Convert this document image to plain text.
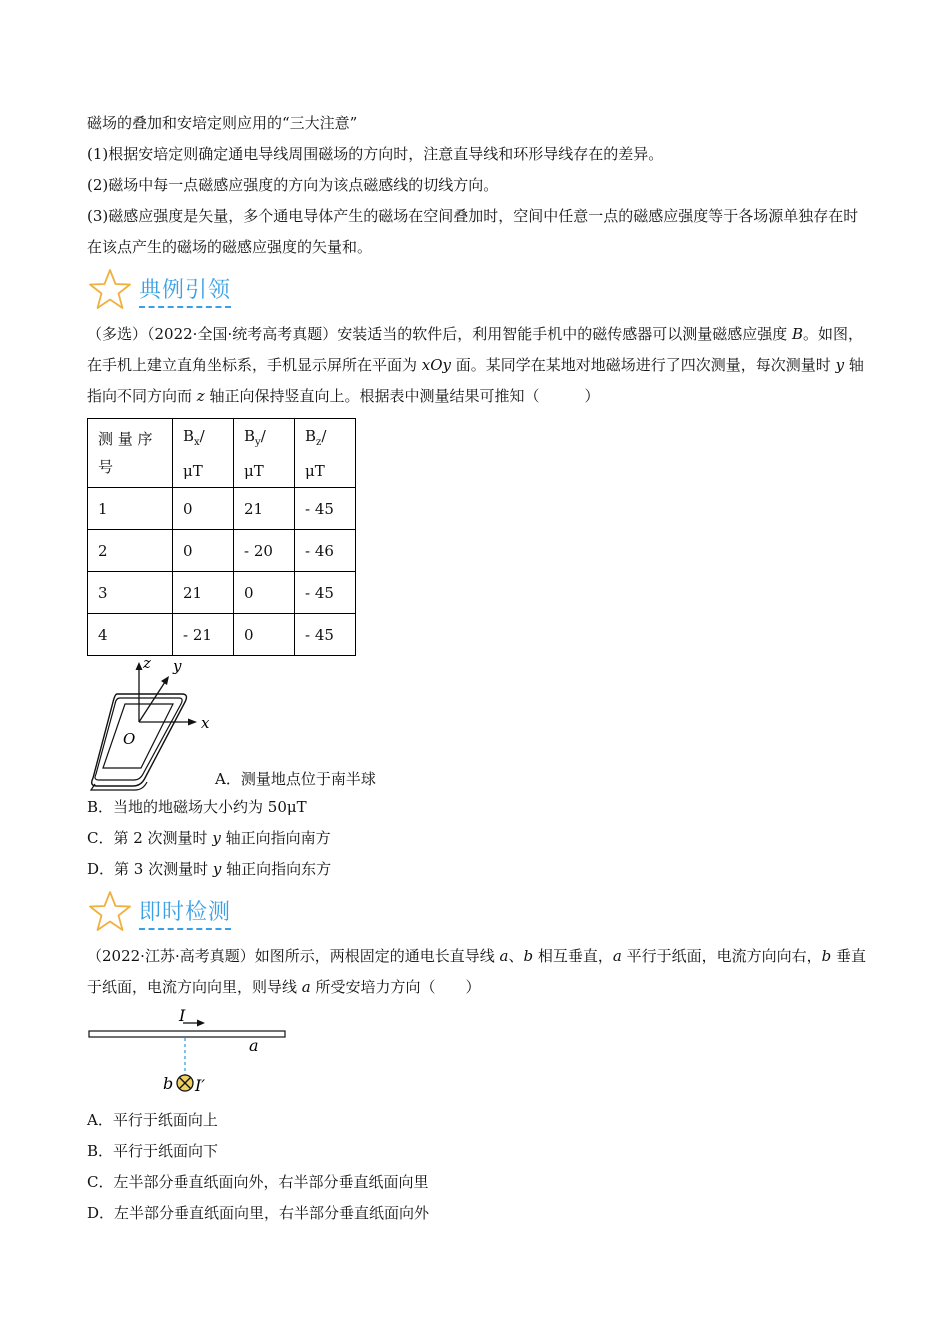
磁场的叠加和安培定则应用的“三大注意”

(1)根据安培定则确定通电导线周围磁场的方向时，注意直导线和环形导线存在的差异。

(2)磁场中每一点磁感应强度的方向为该点磁感线的切线方向。

(3)磁感应强度是矢量，多个通电导体产生的磁场在空间叠加时，空间中任意一点的磁感应强度等于各场源单独存在时在该点产生的磁场的磁感应强度的矢量和。

典例引领

（多选）（2022·全国·统考高考真题）安装适当的软件后，利用智能手机中的磁传感器可以测量磁感应强度 B。如图，在手机上建立直角坐标系，手机显示屏所在平面为 xOy 面。某同学在某地对地磁场进行了四次测量，每次测量时 y 轴指向不同方向而 z 轴正向保持竖直向上。根据表中测量结果可推知（　　　）

测 量 序
号	$B_x/\mu T$	$B_y/\mu T$	$B_z/\mu T$
1	0	21	- 45
2	0	- 20	- 46
3	21	0	- 45
4	- 21	0	- 45
z y
x
O
A．测量地点位于南半球

B．当地的地磁场大小约为 50μT

C．第 2 次测量时 y 轴正向指向南方

D．第 3 次测量时 y 轴正向指向东方

即时检测

（2022·江苏·高考真题）如图所示，两根固定的通电长直导线 a、b 相互垂直，a 平行于纸面，电流方向向右，b 垂直于纸面，电流方向向里，则导线 a 所受安培力方向（　　）

I
a
b I′

A．平行于纸面向上

B．平行于纸面向下

C．左半部分垂直纸面向外，右半部分垂直纸面向里

D．左半部分垂直纸面向里，右半部分垂直纸面向外
